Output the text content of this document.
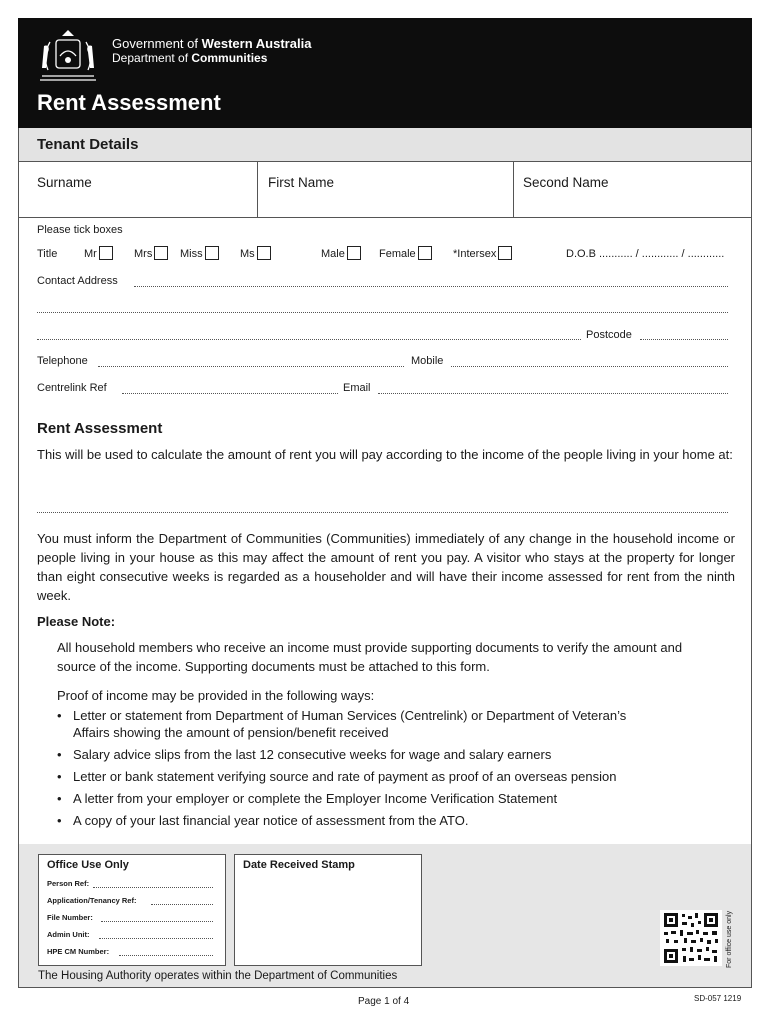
Government of Western Australia
Department of Communities
Rent Assessment
Tenant Details
Surname	First Name	Second Name
Please tick boxes
Title Mr	Mrs	Miss	Ms	Male	Female	*Intersex	D.O.B ........... / ............ / ............
Contact Address
Postcode
Telephone	Mobile
Centrelink Ref	Email
Rent Assessment
This will be used to calculate the amount of rent you will pay according to the income of the people living in your home at:
You must inform the Department of Communities (Communities) immediately of any change in the household income or people living in your house as this may affect the amount of rent you pay. A visitor who stays at the property for longer than eight consecutive weeks is regarded as a householder and will have their income assessed for rent from the ninth week.
Please Note:
All household members who receive an income must provide supporting documents to verify the amount and source of the income. Supporting documents must be attached to this form.
Proof of income may be provided in the following ways:
• Letter or statement from Department of Human Services (Centrelink) or Department of Veteran’s
Affairs showing the amount of pension/benefit received
• Salary advice slips from the last 12 consecutive weeks for wage and salary earners
• Letter or bank statement verifying source and rate of payment as proof of an overseas pension
• A letter from your employer or complete the Employer Income Verification Statement
• A copy of your last financial year notice of assessment from the ATO.
Office Use Only
Person Ref:
Application/Tenancy Ref:
File Number:
Admin Unit:
HPE CM Number:
Date Received Stamp
For office use only
The Housing Authority operates within the Department of Communities
Page 1 of 4	SD-057 1219
